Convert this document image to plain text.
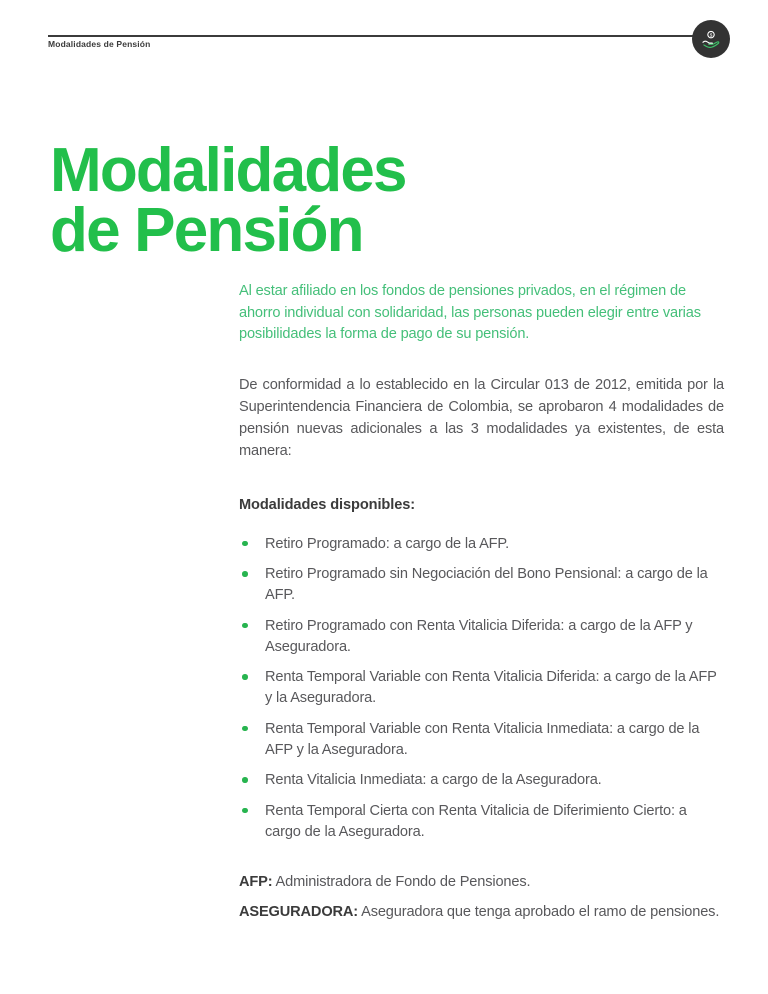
Modalidades de Pensión
$
Modalidades
de Pensión

Al estar afiliado en los fondos de pensiones privados, en el régimen de ahorro individual con solidaridad, las personas pueden elegir entre varias posibilidades la forma de pago de su pensión.

De conformidad a lo establecido en la Circular 013 de 2012, emitida por la Superintendencia Financiera de Colombia, se aprobaron 4 modalidades de pensión nuevas adicionales a las 3 modalidades ya existentes, de esta manera:

Modalidades disponibles:

Retiro Programado: a cargo de la AFP.
Retiro Programado sin Negociación del Bono Pensional: a cargo de la AFP.
Retiro Programado con Renta Vitalicia Diferida: a cargo de la AFP y Aseguradora.
Renta Temporal Variable con Renta Vitalicia Diferida: a cargo de la AFP y la Aseguradora.
Renta Temporal Variable con Renta Vitalicia Inmediata: a cargo de la AFP y la Aseguradora.
Renta Vitalicia Inmediata: a cargo de la Aseguradora.
Renta Temporal Cierta con Renta Vitalicia de Diferimiento Cierto: a cargo de la Aseguradora.

AFP: Administradora de Fondo de Pensiones.

ASEGURADORA: Aseguradora que tenga aprobado el ramo de pensiones.
